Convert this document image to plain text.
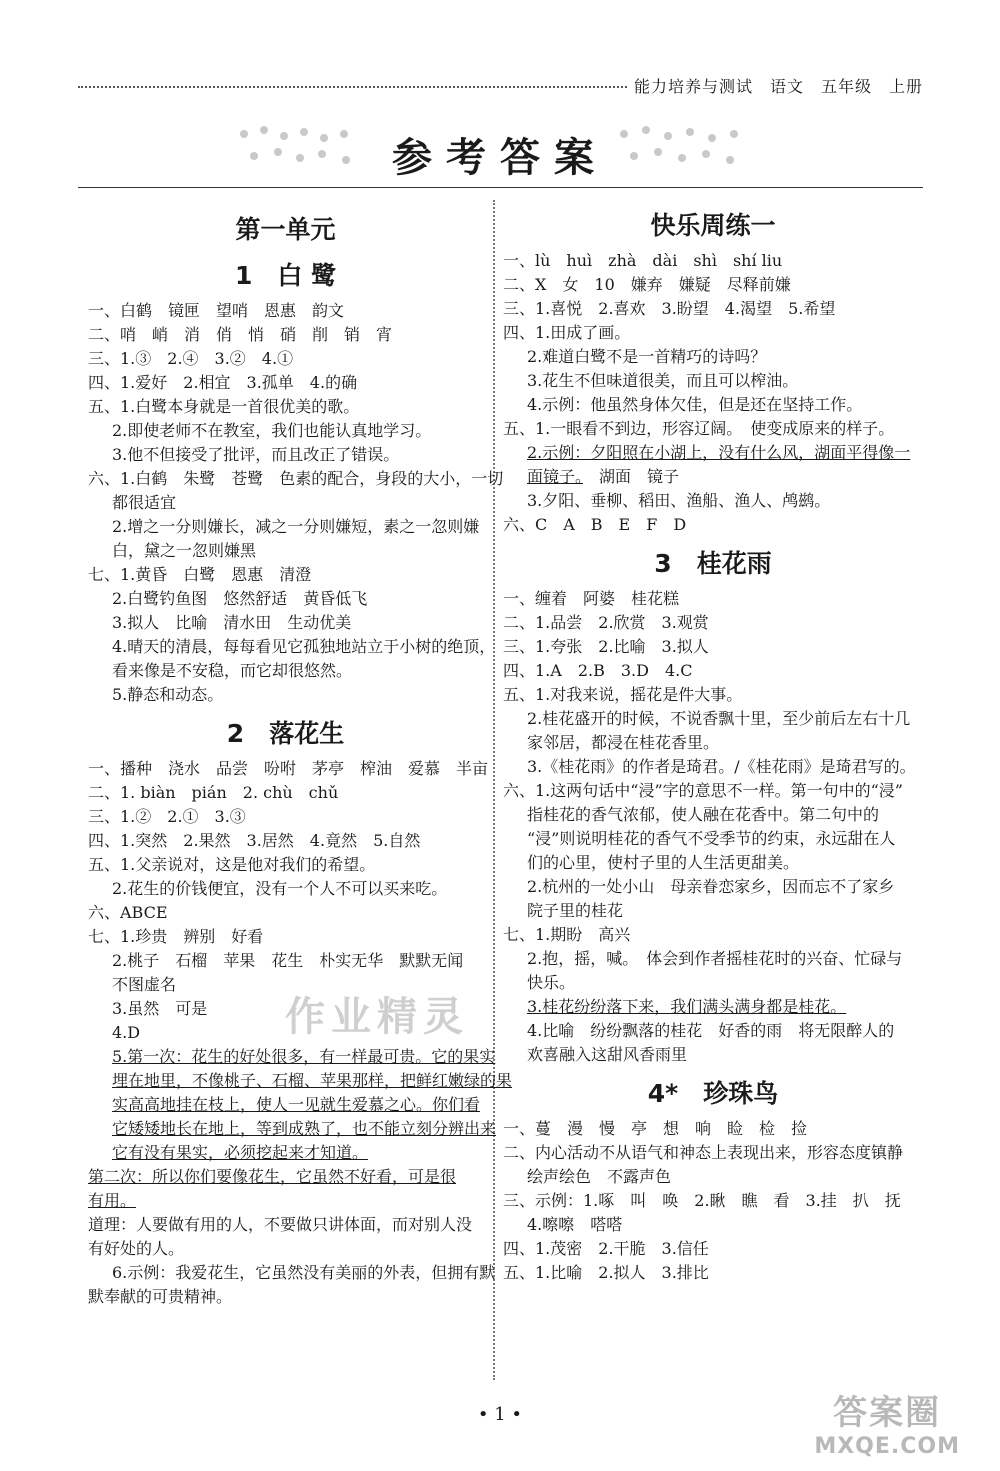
能力培养与测试　语文　五年级　上册
参考答案
第一单元
1　白 鹭
一、白鹤　镜匣　望哨　恩惠　韵文
二、哨　峭　消　俏　悄　硝　削　销　宵
三、1.③　2.④　3.②　4.①
四、1.爱好　2.相宜　3.孤单　4.的确
五、1.白鹭本身就是一首很优美的歌。
2.即使老师不在教室，我们也能认真地学习。
3.他不但接受了批评，而且改正了错误。
六、1.白鹤　朱鹭　苍鹭　色素的配合，身段的大小，一切
都很适宜
2.增之一分则嫌长，减之一分则嫌短，素之一忽则嫌
白，黛之一忽则嫌黑
七、1.黄昏　白鹭　恩惠　清澄
2.白鹭钓鱼图　悠然舒适　黄昏低飞
3.拟人　比喻　清水田　生动优美
4.晴天的清晨，每每看见它孤独地站立于小树的绝顶，
看来像是不安稳，而它却很悠然。
5.静态和动态。
2　落花生
一、播种　浇水　品尝　吩咐　茅亭　榨油　爱慕　半亩
二、1. biàn　pián　2. chù　chǔ
三、1.②　2.①　3.③
四、1.突然　2.果然　3.居然　4.竟然　5.自然
五、1.父亲说对，这是他对我们的希望。
2.花生的价钱便宜，没有一个人不可以买来吃。
六、ABCE
七、1.珍贵　辨别　好看
2.桃子　石榴　苹果　花生　朴实无华　默默无闻
不图虚名
3.虽然　可是
4.D
5.第一次：花生的好处很多，有一样最可贵。它的果实
埋在地里，不像桃子、石榴、苹果那样，把鲜红嫩绿的果
实高高地挂在枝上，使人一见就生爱慕之心。你们看
它矮矮地长在地上，等到成熟了，也不能立刻分辨出来
它有没有果实，必须挖起来才知道。
第二次：所以你们要像花生，它虽然不好看，可是很
有用。
道理：人要做有用的人，不要做只讲体面，而对别人没
有好处的人。
6.示例：我爱花生，它虽然没有美丽的外表，但拥有默
默奉献的可贵精神。
快乐周练一
一、lù　huì　zhà　dài　shì　shí liu
二、X　女　10　嫌弃　嫌疑　尽释前嫌
三、1.喜悦　2.喜欢　3.盼望　4.渴望　5.希望
四、1.田成了画。
2.难道白鹭不是一首精巧的诗吗？
3.花生不但味道很美，而且可以榨油。
4.示例：他虽然身体欠佳，但是还在坚持工作。
五、1.一眼看不到边，形容辽阔。　使变成原来的样子。
2.示例：夕阳照在小湖上，没有什么风，湖面平得像一
面镜子。　湖面　镜子
3.夕阳、垂柳、稻田、渔船、渔人、鸬鹚。
六、C　A　B　E　F　D
3　桂花雨
一、缠着　阿婆　桂花糕
二、1.品尝　2.欣赏　3.观赏
三、1.夸张　2.比喻　3.拟人
四、1.A　2.B　3.D　4.C
五、1.对我来说，摇花是件大事。
2.桂花盛开的时候，不说香飘十里，至少前后左右十几
家邻居，都浸在桂花香里。
3.《桂花雨》的作者是琦君。/《桂花雨》是琦君写的。
六、1.这两句话中“浸”字的意思不一样。第一句中的“浸”
指桂花的香气浓郁，使人融在花香中。第二句中的
“浸”则说明桂花的香气不受季节的约束，永远甜在人
们的心里，使村子里的人生活更甜美。
2.杭州的一处小山　母亲眷恋家乡，因而忘不了家乡
院子里的桂花
七、1.期盼　高兴
2.抱，摇，喊。　体会到作者摇桂花时的兴奋、忙碌与
快乐。
3.桂花纷纷落下来，我们满头满身都是桂花。
4.比喻　纷纷飘落的桂花　好香的雨　将无限醉人的
欢喜融入这甜风香雨里
4*　珍珠鸟
一、蔓　漫　慢　亭　想　响　睑　检　捡
二、内心活动不从语气和神态上表现出来，形容态度镇静
绘声绘色　不露声色
三、示例：1.啄　叫　唤　2.瞅　瞧　看　3.挂　扒　抚
4.嚓嚓　嗒嗒
四、1.茂密　2.干脆　3.信任
五、1.比喻　2.拟人　3.排比
作业精灵
• 1 •	答案圈
MXQE.COM
